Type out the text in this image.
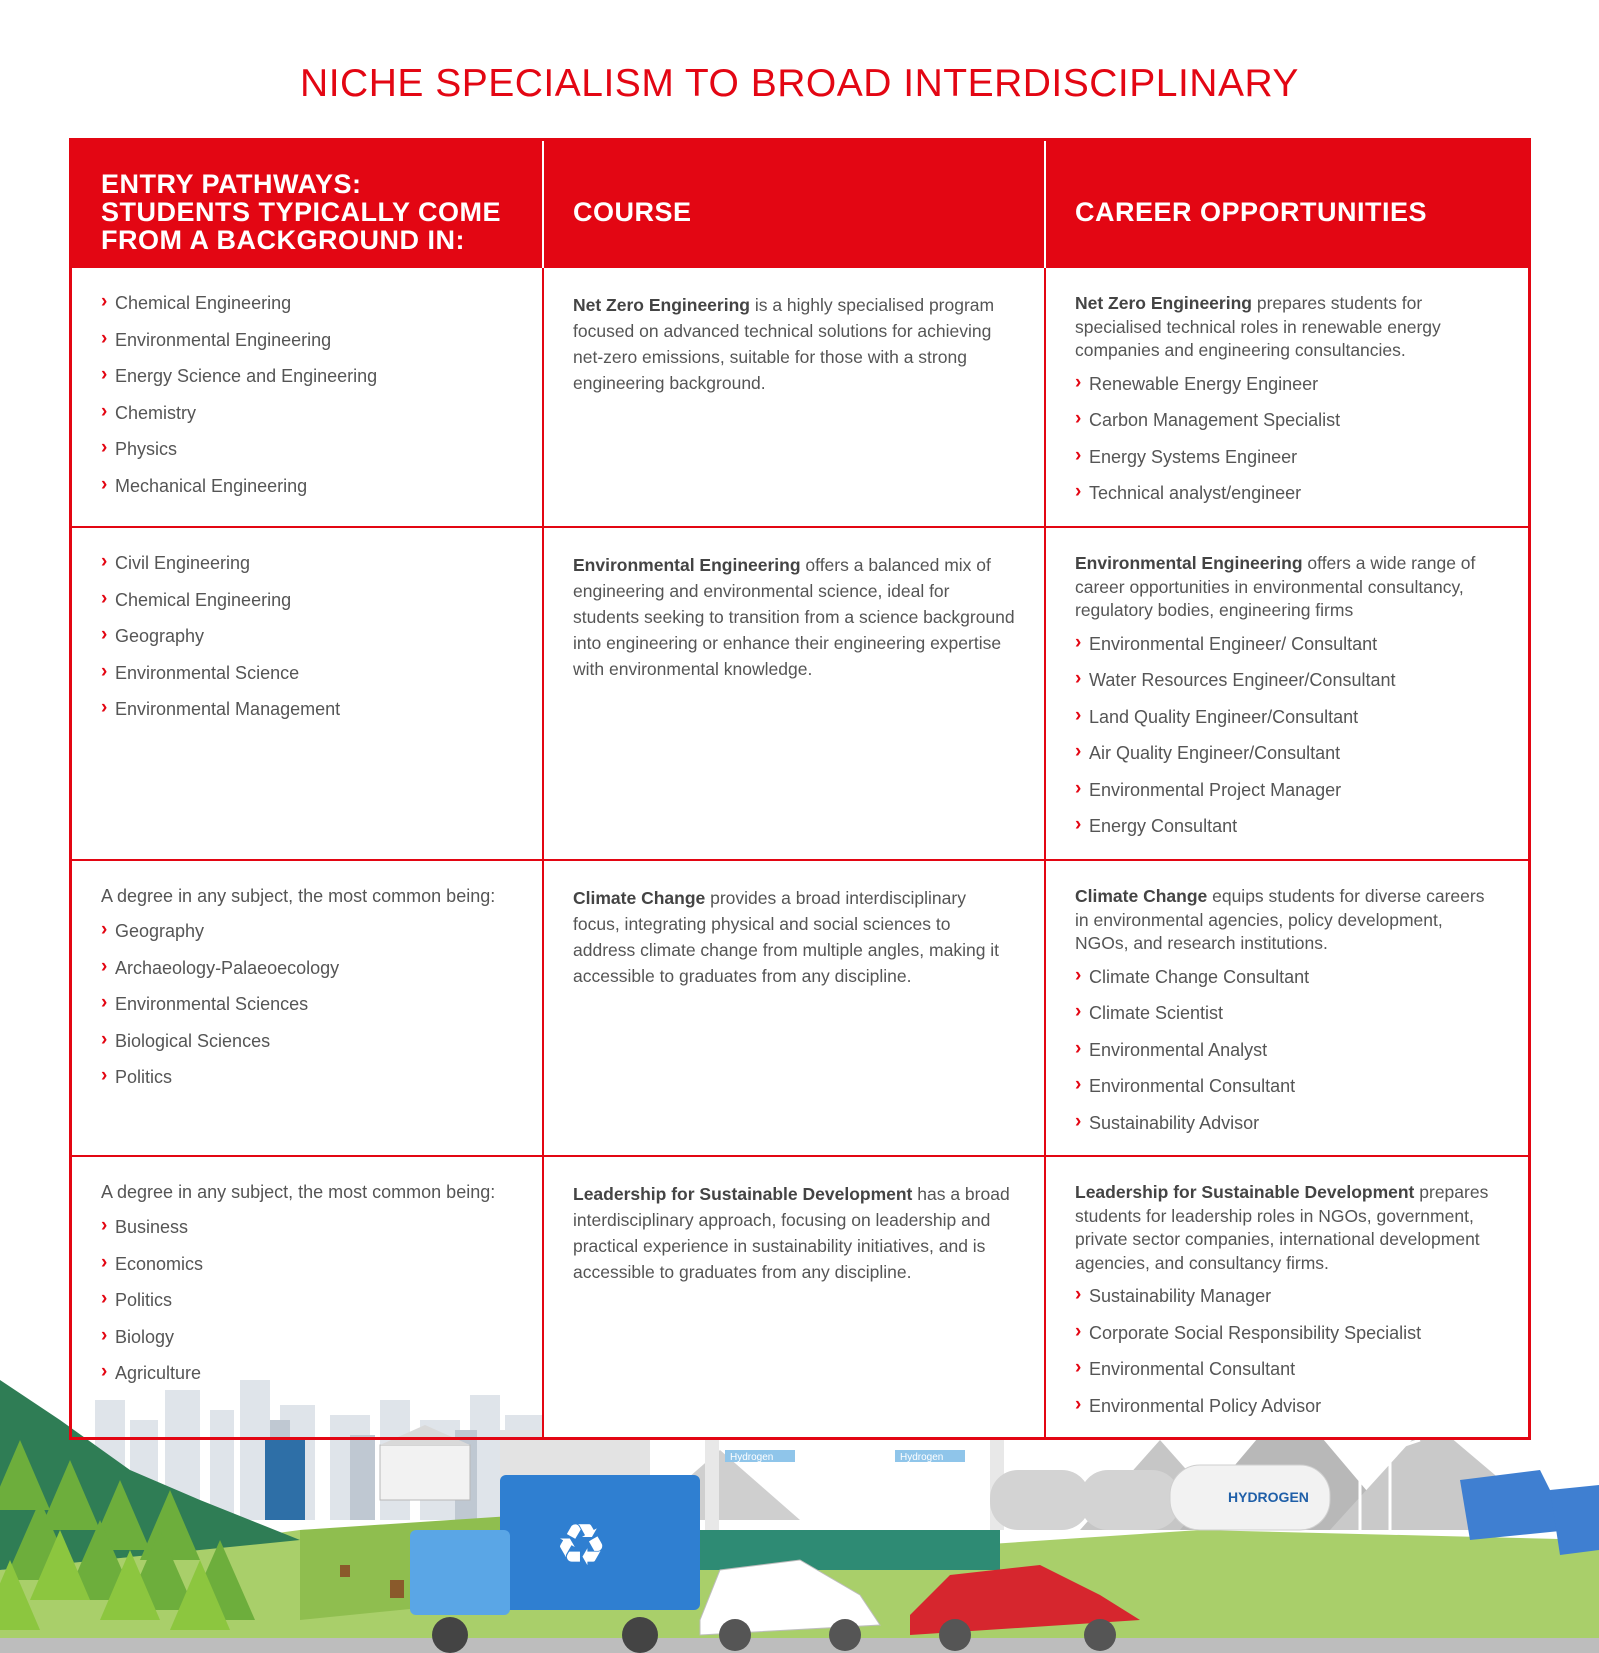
NICHE SPECIALISM TO BROAD INTERDISCIPLINARY
Hydrogen	Hydrogen
HYDROGEN
♻
ENTRY PATHWAYS: STUDENTS TYPICALLY COME FROM A BACKGROUND IN:
COURSE	CAREER OPPORTUNITIES
› Chemical Engineering
› Environmental Engineering
› Energy Science and Engineering
› Chemistry
› Physics
› Mechanical Engineering

Net Zero Engineering is a highly specialised program focused on advanced technical solutions for achieving net-zero emissions, suitable for those with a strong engineering background.

Net Zero Engineering prepares students for specialised technical roles in renewable energy companies and engineering consultancies.

› Renewable Energy Engineer
› Carbon Management Specialist
› Energy Systems Engineer
› Technical analyst/engineer
› Civil Engineering
› Chemical Engineering
› Geography
› Environmental Science
› Environmental Management

Environmental Engineering offers a balanced mix of engineering and environmental science, ideal for students seeking to transition from a science background into engineering or enhance their engineering expertise with environmental knowledge.

Environmental Engineering offers a wide range of career opportunities in environmental consultancy, regulatory bodies, engineering firms

› Environmental Engineer/ Consultant
› Water Resources Engineer/Consultant
› Land Quality Engineer/Consultant
› Air Quality Engineer/Consultant
› Environmental Project Manager
› Energy Consultant

A degree in any subject, the most common being:

› Geography
› Archaeology-Palaeoecology
› Environmental Sciences
› Biological Sciences
› Politics

Climate Change provides a broad interdisciplinary focus, integrating physical and social sciences to address climate change from multiple angles, making it accessible to graduates from any discipline.

Climate Change equips students for diverse careers in environmental agencies, policy development, NGOs, and research institutions.

› Climate Change Consultant
› Climate Scientist
› Environmental Analyst
› Environmental Consultant
› Sustainability Advisor

A degree in any subject, the most common being:

› Business
› Economics
› Politics
› Biology
› Agriculture

Leadership for Sustainable Development has a broad interdisciplinary approach, focusing on leadership and practical experience in sustainability initiatives, and is accessible to graduates from any discipline.

Leadership for Sustainable Development prepares students for leadership roles in NGOs, government, private sector companies, international development agencies, and consultancy firms.

› Sustainability Manager
› Corporate Social Responsibility Specialist
› Environmental Consultant
› Environmental Policy Advisor
